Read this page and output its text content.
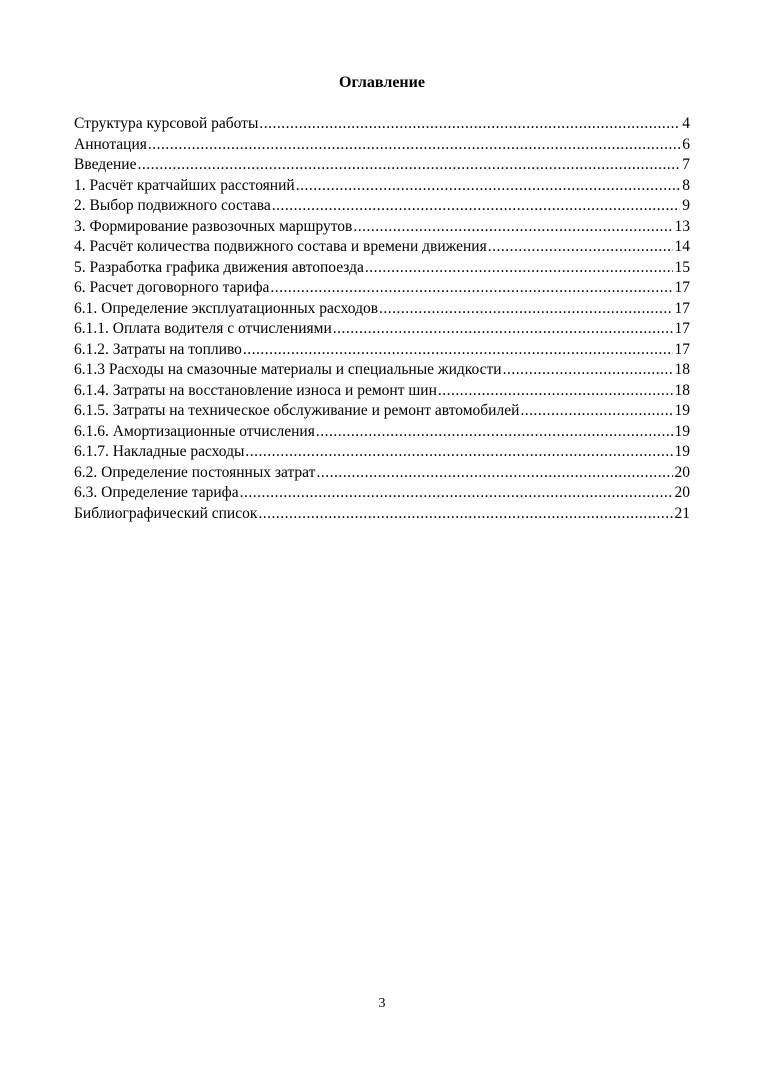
Оглавление
Структура курсовой работы .....	4
Аннотация .....	6
Введение .....	7
1. Расчёт кратчайших расстояний .....	8
2. Выбор подвижного состава .....	9
3. Формирование развозочных маршрутов .....	13
4. Расчёт количества подвижного состава и времени движения .....	14
5. Разработка графика движения автопоезда .....	15
6. Расчет договорного тарифа .....	17
6.1. Определение эксплуатационных расходов .....	17
6.1.1. Оплата водителя с отчислениями .....	17
6.1.2. Затраты на топливо .....	17
6.1.3 Расходы на смазочные материалы и специальные жидкости .....	18
6.1.4. Затраты на восстановление износа и ремонт шин .....	18
6.1.5. Затраты на техническое обслуживание и ремонт автомобилей .....	19
6.1.6. Амортизационные отчисления .....	19
6.1.7. Накладные расходы .....	19
6.2. Определение постоянных затрат .....	20
6.3. Определение тарифа .....	20
Библиографический список .....	21
3
